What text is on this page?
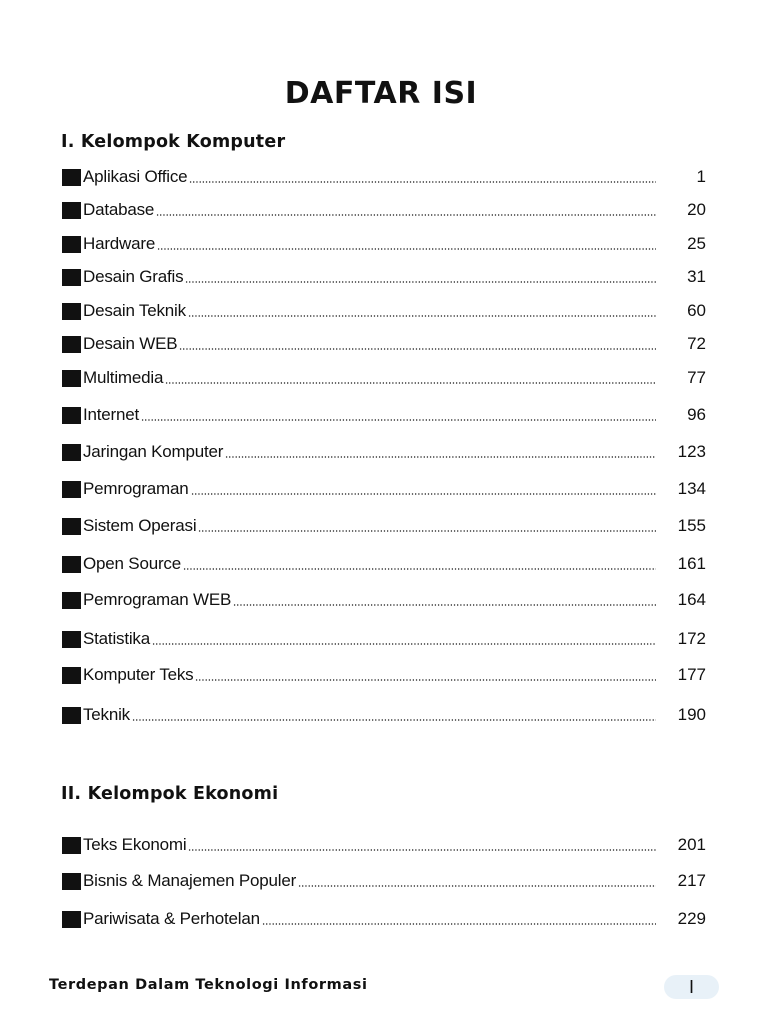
DAFTAR ISI
I. Kelompok Komputer
II. Kelompok Ekonomi
Aplikasi Office	1
Database	20
Hardware	25
Desain Grafis	31
Desain Teknik	60
Desain WEB	72
Multimedia	77
Internet	96
Jaringan Komputer	123
Pemrograman	134
Sistem Operasi	155
Open Source	161
Pemrograman WEB	164
Statistika	172
Komputer Teks	177
Teknik	190
Teks Ekonomi	201
Bisnis & Manajemen Populer	217
Pariwisata & Perhotelan	229
Terdepan Dalam Teknologi Informasi	I
